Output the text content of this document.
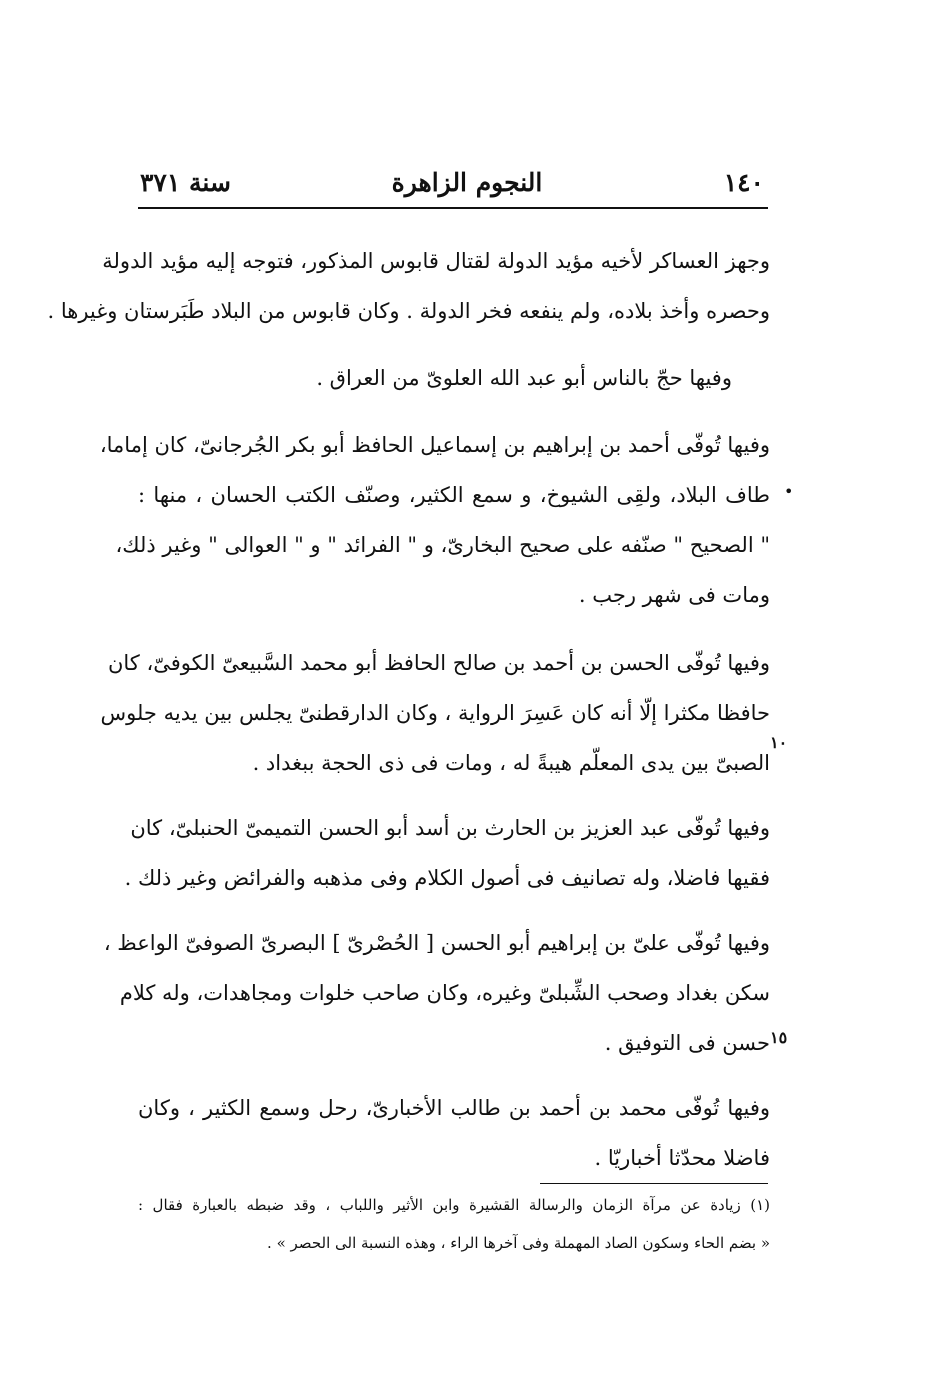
١٤٠
النجوم الزاهرة
سنة ٣٧١
وجهز العساكر لأخيه مؤيد الدولة لقتال قابوس المذكور، فتوجه إليه مؤيد الدولة
وحصره وأخذ بلاده، ولم ينفعه فخر الدولة . وكان قابوس من البلاد طَبَرستان وغيرها .
وفيها حجّ بالناس أبو عبد الله العلوىّ من العراق .
وفيها تُوفّى أحمد بن إبراهيم بن إسماعيل الحافظ أبو بكر الجُرجانىّ، كان إماما،
طاف البلاد، ولقِى الشيوخ، و سمع الكثير، وصنّف الكتب الحسان ، منها :
" الصحيح " صنّفه على صحيح البخارىّ، و " الفرائد " و " العوالى " وغير ذلك،
ومات فى شهر رجب .
وفيها تُوفّى الحسن بن أحمد بن صالح الحافظ أبو محمد السَّبيعىّ الكوفىّ، كان
حافظا مكثرا إلّا أنه كان عَسِرَ الرواية ، وكان الدارقطنىّ يجلس بين يديه جلوس
الصبىّ بين يدى المعلّم هيبةً له ، ومات فى ذى الحجة ببغداد .
وفيها تُوفّى عبد العزيز بن الحارث بن أسد أبو الحسن التميمىّ الحنبلىّ، كان
فقيها فاضلا، وله تصانيف فى أصول الكلام وفى مذهبه والفرائض وغير ذلك .
وفيها تُوفّى علىّ بن إبراهيم أبو الحسن [ الحُصْرىّ ] البصرىّ الصوفىّ الواعظ ،
سكن بغداد وصحب الشِّبلىّ وغيره، وكان صاحب خلوات ومجاهدات، وله كلام
حسن فى التوفيق .
وفيها تُوفّى محمد بن أحمد بن طالب الأخبارىّ، رحل وسمع الكثير ، وكان
فاضلا محدّثا أخباريّا .
•
١٠
١٥
(١) زيادة عن مرآة الزمان والرسالة القشيرة وابن الأثير واللباب ، وقد ضبطه بالعبارة فقال :
« بضم الحاء وسكون الصاد المهملة وفى آخرها الراء ، وهذه النسبة الى الحصر » .
